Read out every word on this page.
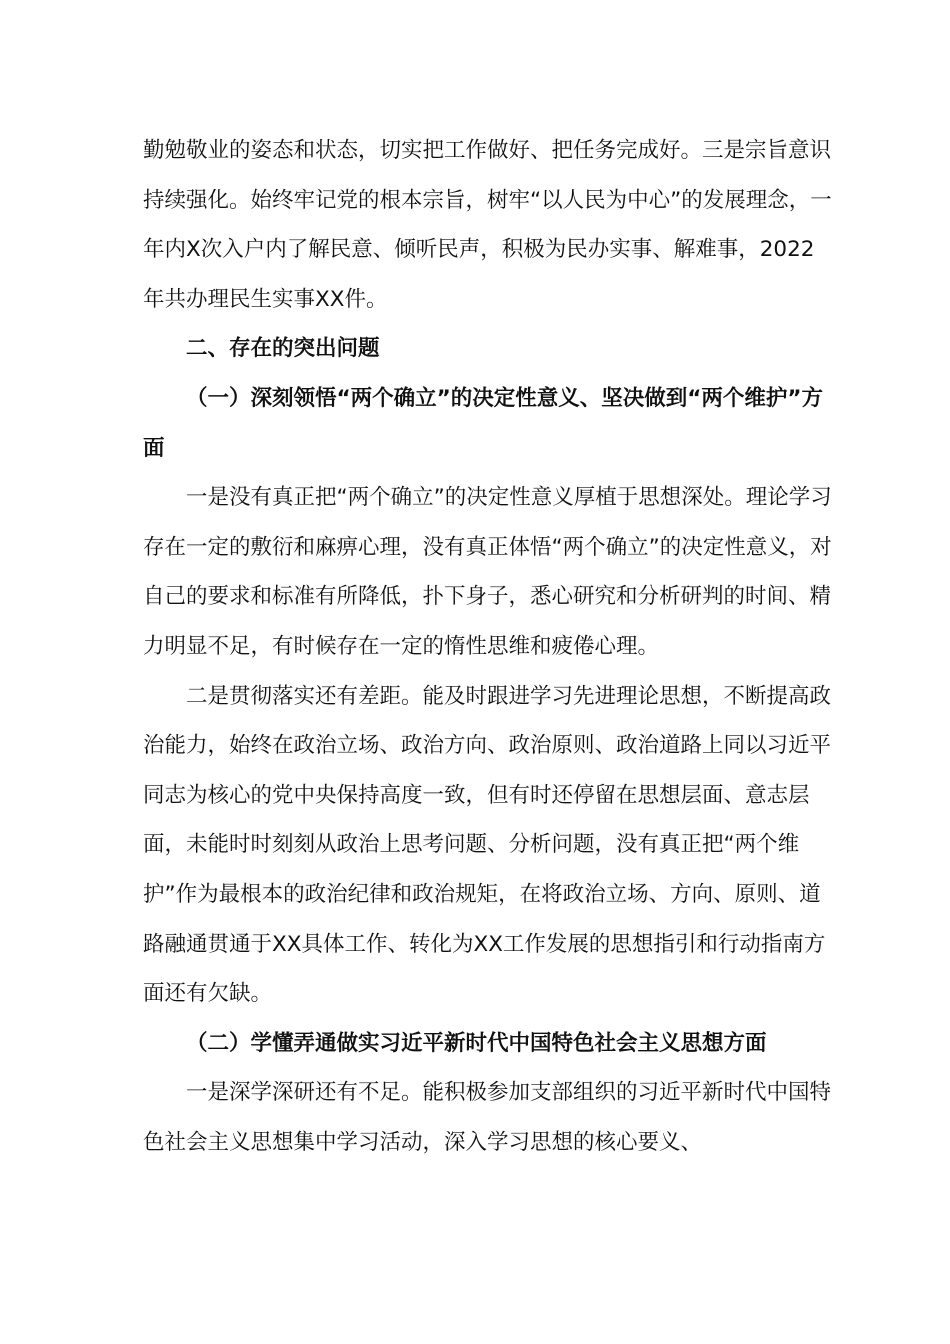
勤勉敬业的姿态和状态，切实把工作做好、把任务完成好。三是宗旨意识持续强化。始终牢记党的根本宗旨，树牢“以人民为中心”的发展理念，一年内X次入户内了解民意、倾听民声，积极为民办实事、解难事，2022年共办理民生实事XX件。

二、存在的突出问题

（一）深刻领悟“两个确立”的决定性意义、坚决做到“两个维护”方面

一是没有真正把“两个确立”的决定性意义厚植于思想深处。理论学习存在一定的敷衍和麻痹心理，没有真正体悟“两个确立”的决定性意义，对自己的要求和标准有所降低，扑下身子，悉心研究和分析研判的时间、精力明显不足，有时候存在一定的惰性思维和疲倦心理。

二是贯彻落实还有差距。能及时跟进学习先进理论思想，不断提高政治能力，始终在政治立场、政治方向、政治原则、政治道路上同以习近平同志为核心的党中央保持高度一致，但有时还停留在思想层面、意志层面，未能时时刻刻从政治上思考问题、分析问题，没有真正把“两个维护”作为最根本的政治纪律和政治规矩，在将政治立场、方向、原则、道路融通贯通于XX具体工作、转化为XX工作发展的思想指引和行动指南方面还有欠缺。

（二）学懂弄通做实习近平新时代中国特色社会主义思想方面

一是深学深研还有不足。能积极参加支部组织的习近平新时代中国特色社会主义思想集中学习活动，深入学习思想的核心要义、
